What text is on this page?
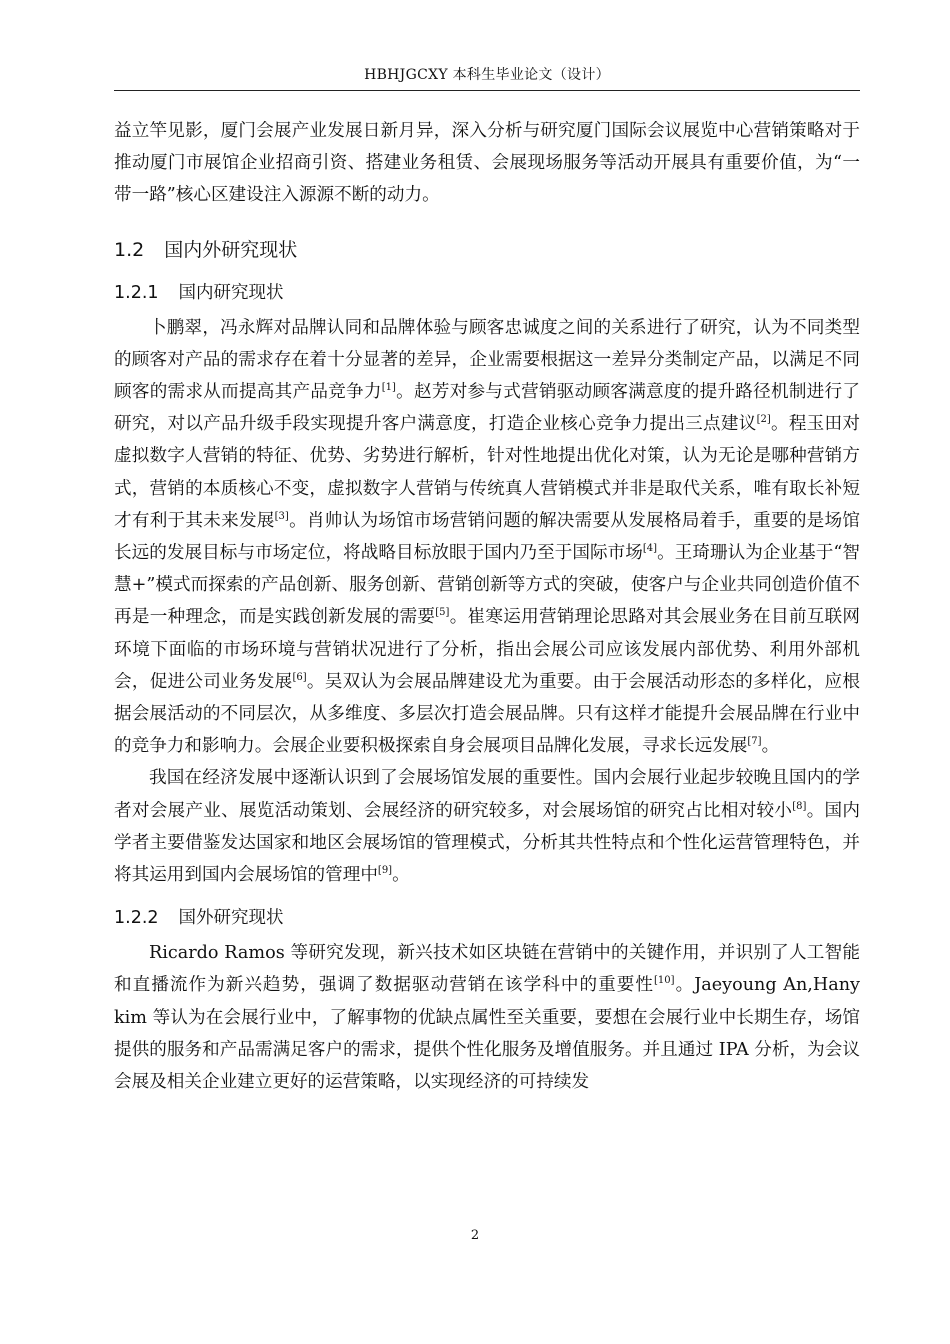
HBHJGCXY 本科生毕业论文（设计）

益立竿见影，厦门会展产业发展日新月异，深入分析与研究厦门国际会议展览中心营销策略对于推动厦门市展馆企业招商引资、搭建业务租赁、会展现场服务等活动开展具有重要价值，为“一带一路”核心区建设注入源源不断的动力。

1.2 国内外研究现状
1.2.1 国内研究现状

卜鹏翠，冯永辉对品牌认同和品牌体验与顾客忠诚度之间的关系进行了研究，认为不同类型的顾客对产品的需求存在着十分显著的差异，企业需要根据这一差异分类制定产品，以满足不同顾客的需求从而提高其产品竞争力[1]。赵芳对参与式营销驱动顾客满意度的提升路径机制进行了研究，对以产品升级手段实现提升客户满意度，打造企业核心竞争力提出三点建议[2]。程玉田对虚拟数字人营销的特征、优势、劣势进行解析，针对性地提出优化对策，认为无论是哪种营销方式，营销的本质核心不变，虚拟数字人营销与传统真人营销模式并非是取代关系，唯有取长补短才有利于其未来发展[3]。肖帅认为场馆市场营销问题的解决需要从发展格局着手，重要的是场馆长远的发展目标与市场定位，将战略目标放眼于国内乃至于国际市场[4]。王琦珊认为企业基于“智慧+”模式而探索的产品创新、服务创新、营销创新等方式的突破，使客户与企业共同创造价值不再是一种理念，而是实践创新发展的需要[5]。崔寒运用营销理论思路对其会展业务在目前互联网环境下面临的市场环境与营销状况进行了分析，指出会展公司应该发展内部优势、利用外部机会，促进公司业务发展[6]。吴双认为会展品牌建设尤为重要。由于会展活动形态的多样化，应根据会展活动的不同层次，从多维度、多层次打造会展品牌。只有这样才能提升会展品牌在行业中的竞争力和影响力。会展企业要积极探索自身会展项目品牌化发展，寻求长远发展[7]。

我国在经济发展中逐渐认识到了会展场馆发展的重要性。国内会展行业起步较晚且国内的学者对会展产业、展览活动策划、会展经济的研究较多，对会展场馆的研究占比相对较小[8]。国内学者主要借鉴发达国家和地区会展场馆的管理模式，分析其共性特点和个性化运营管理特色，并将其运用到国内会展场馆的管理中[9]。

1.2.2 国外研究现状

Ricardo Ramos 等研究发现，新兴技术如区块链在营销中的关键作用，并识别了人工智能和直播流作为新兴趋势，强调了数据驱动营销在该学科中的重要性[10]。Jaeyoung An,Hany kim 等认为在会展行业中，了解事物的优缺点属性至关重要，要想在会展行业中长期生存，场馆提供的服务和产品需满足客户的需求，提供个性化服务及增值服务。并且通过 IPA 分析，为会议会展及相关企业建立更好的运营策略，以实现经济的可持续发

2
